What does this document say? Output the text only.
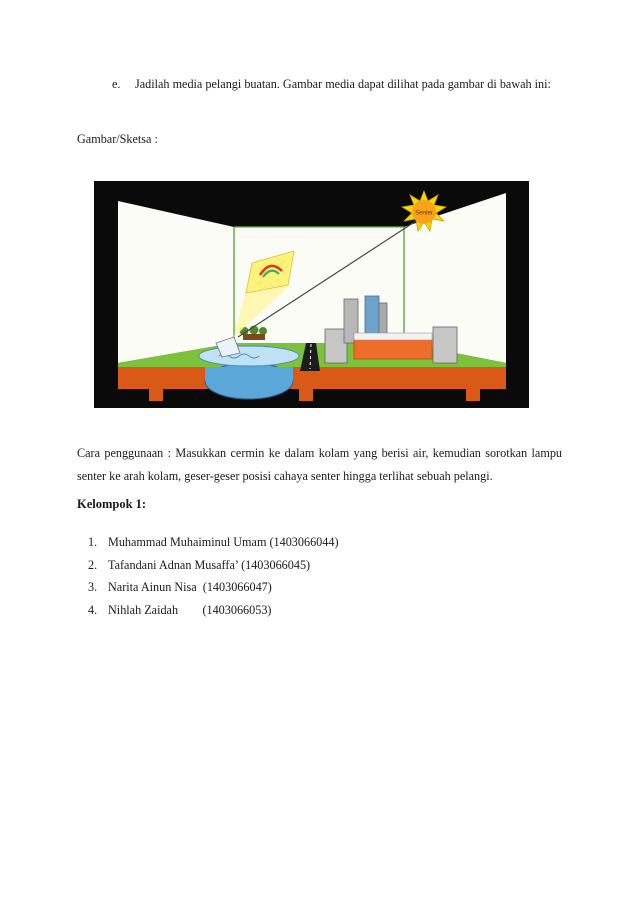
e. Jadilah media pelangi buatan. Gambar media dapat dilihat pada gambar di bawah ini:
Gambar/Sketsa :
Senter
Cara penggunaan : Masukkan cermin ke dalam kolam yang berisi air, kemudian sorotkan lampu senter ke arah kolam, geser-geser posisi cahaya senter hingga terlihat sebuah pelangi.
Kelompok 1:
1. Muhammad Muhaiminul Umam (1403066044)
2. Tafandani Adnan Musaffa’ (1403066045)
3. Narita Ainun Nisa  (1403066047)
4. Nihlah Zaidah        (1403066053)
